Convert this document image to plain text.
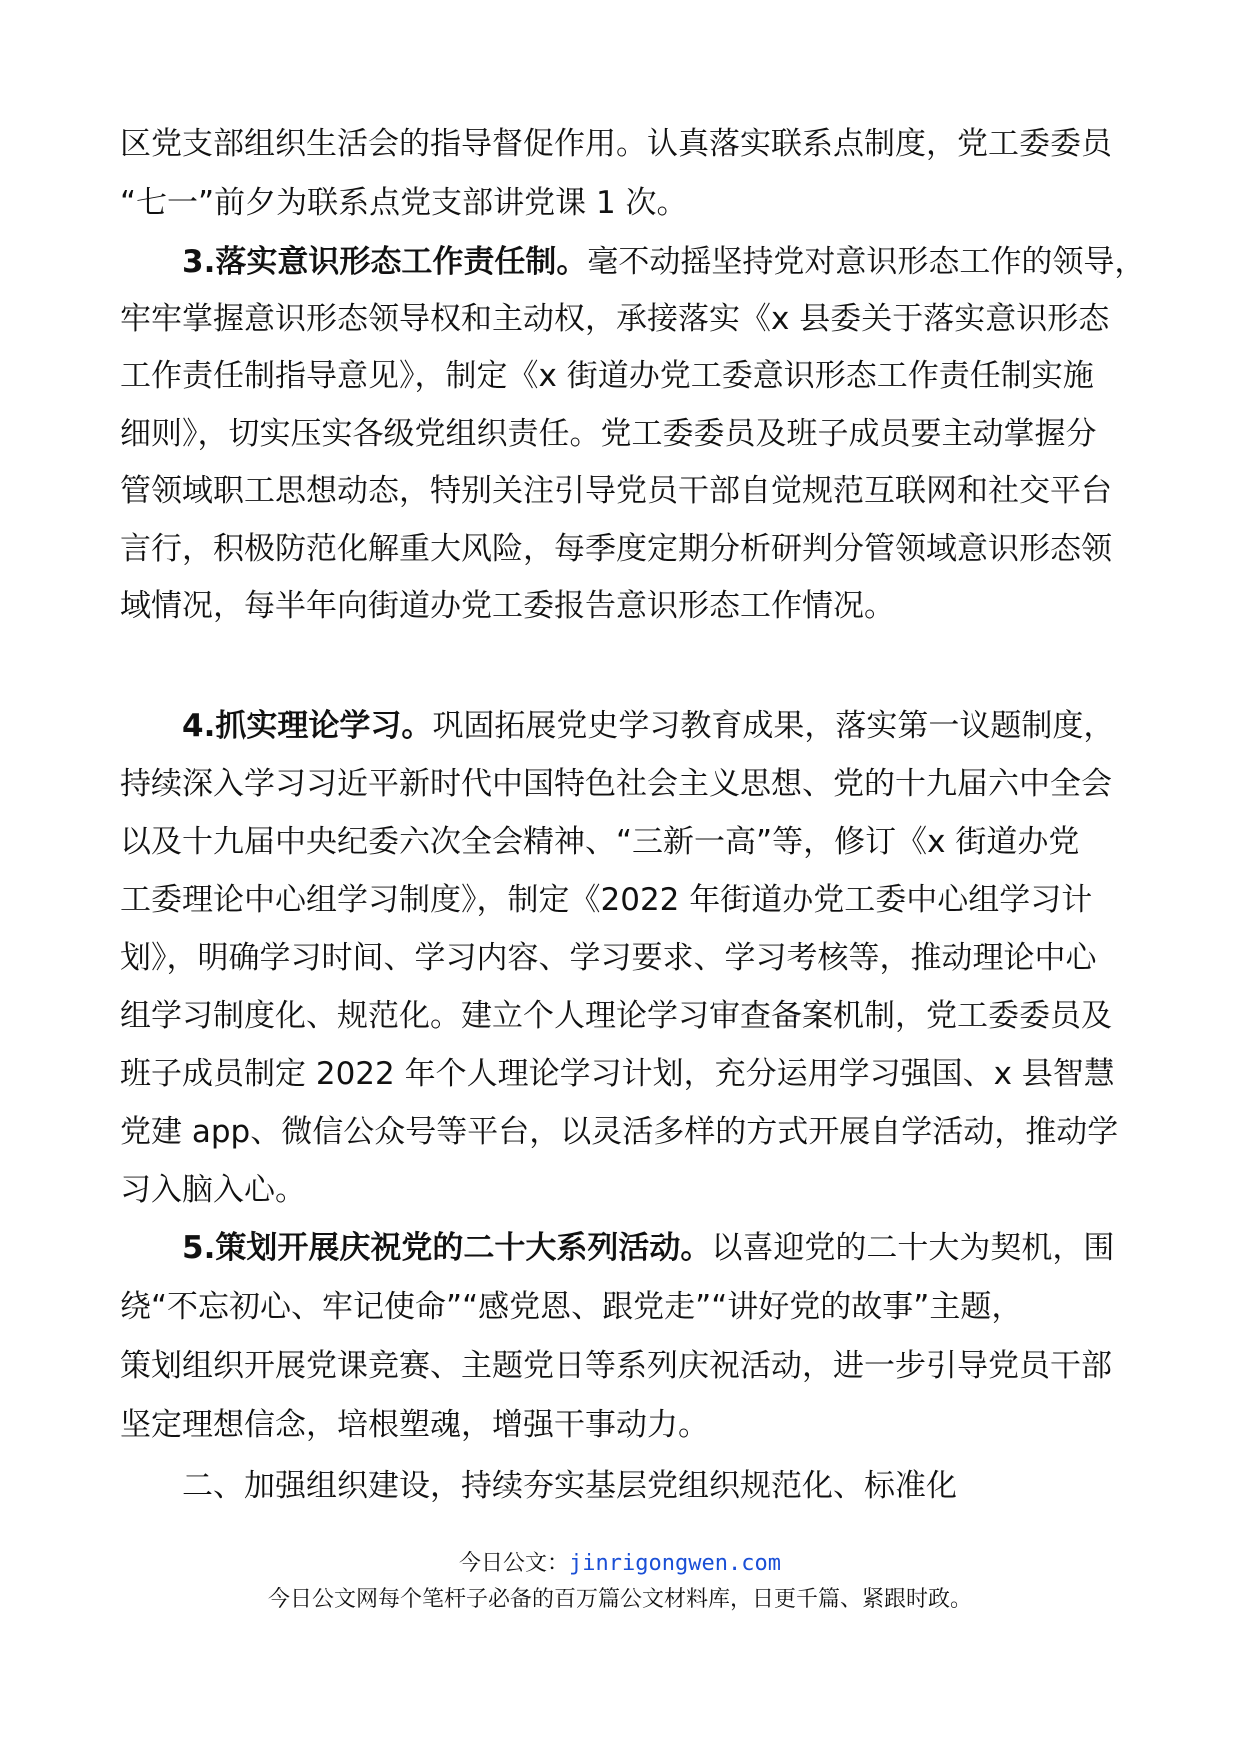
区党支部组织生活会的指导督促作用。认真落实联系点制度，党工委委员
“七一”前夕为联系点党支部讲党课 1 次。
3.落实意识形态工作责任制。毫不动摇坚持党对意识形态工作的领导，
牢牢掌握意识形态领导权和主动权，承接落实《x 县委关于落实意识形态
工作责任制指导意见》，制定《x 街道办党工委意识形态工作责任制实施
细则》，切实压实各级党组织责任。党工委委员及班子成员要主动掌握分
管领域职工思想动态，特别关注引导党员干部自觉规范互联网和社交平台
言行，积极防范化解重大风险，每季度定期分析研判分管领域意识形态领
域情况，每半年向街道办党工委报告意识形态工作情况。
4.抓实理论学习。巩固拓展党史学习教育成果，落实第一议题制度，
持续深入学习习近平新时代中国特色社会主义思想、党的十九届六中全会
以及十九届中央纪委六次全会精神、“三新一高”等，修订《x 街道办党
工委理论中心组学习制度》，制定《2022 年街道办党工委中心组学习计
划》，明确学习时间、学习内容、学习要求、学习考核等，推动理论中心
组学习制度化、规范化。建立个人理论学习审查备案机制，党工委委员及
班子成员制定 2022 年个人理论学习计划，充分运用学习强国、x 县智慧
党建 app、微信公众号等平台，以灵活多样的方式开展自学活动，推动学
习入脑入心。
5.策划开展庆祝党的二十大系列活动。以喜迎党的二十大为契机，围
绕“不忘初心、牢记使命”“感党恩、跟党走”“讲好党的故事”主题，
策划组织开展党课竞赛、主题党日等系列庆祝活动，进一步引导党员干部
坚定理想信念，培根塑魂，增强干事动力。
二、加强组织建设，持续夯实基层党组织规范化、标准化
今日公文：jinrigongwen.com
今日公文网每个笔杆子必备的百万篇公文材料库，日更千篇、紧跟时政。
